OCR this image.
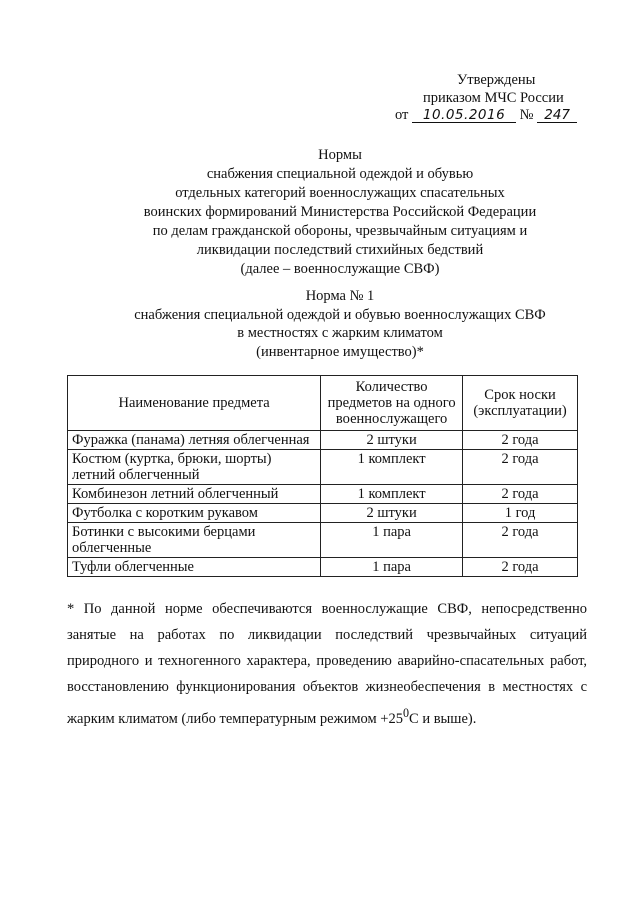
Утверждены
приказом МЧС России
от 10.05.2016 № 247
Нормы
снабжения специальной одеждой и обувью
отдельных категорий военнослужащих спасательных
воинских формирований Министерства Российской Федерации
по делам гражданской обороны, чрезвычайным ситуациям и
ликвидации последствий стихийных бедствий
(далее – военнослужащие СВФ)
Норма № 1
снабжения специальной одеждой и обувью военнослужащих СВФ
в местностях с жарким климатом
(инвентарное имущество)*
Наименование предмета	Количество предметов на одного военнослужащего	Срок носки (эксплуатации)
Фуражка (панама) летняя облегченная	2 штуки	2 года
Костюм (куртка, брюки, шорты) летний облегченный	1 комплект	2 года
Комбинезон летний облегченный	1 комплект	2 года
Футболка с коротким рукавом	2 штуки	1 год
Ботинки с высокими берцами облегченные	1 пара	2 года
Туфли облегченные	1 пара	2 года
* По данной норме обеспечиваются военнослужащие СВФ, непосредственно занятые на работах по ликвидации последствий чрезвычайных ситуаций природного и техногенного характера, проведению аварийно-спасательных работ, восстановлению функционирования объектов жизнеобеспечения в местностях с жарким климатом (либо температурным режимом $+25^0С$ и выше).
